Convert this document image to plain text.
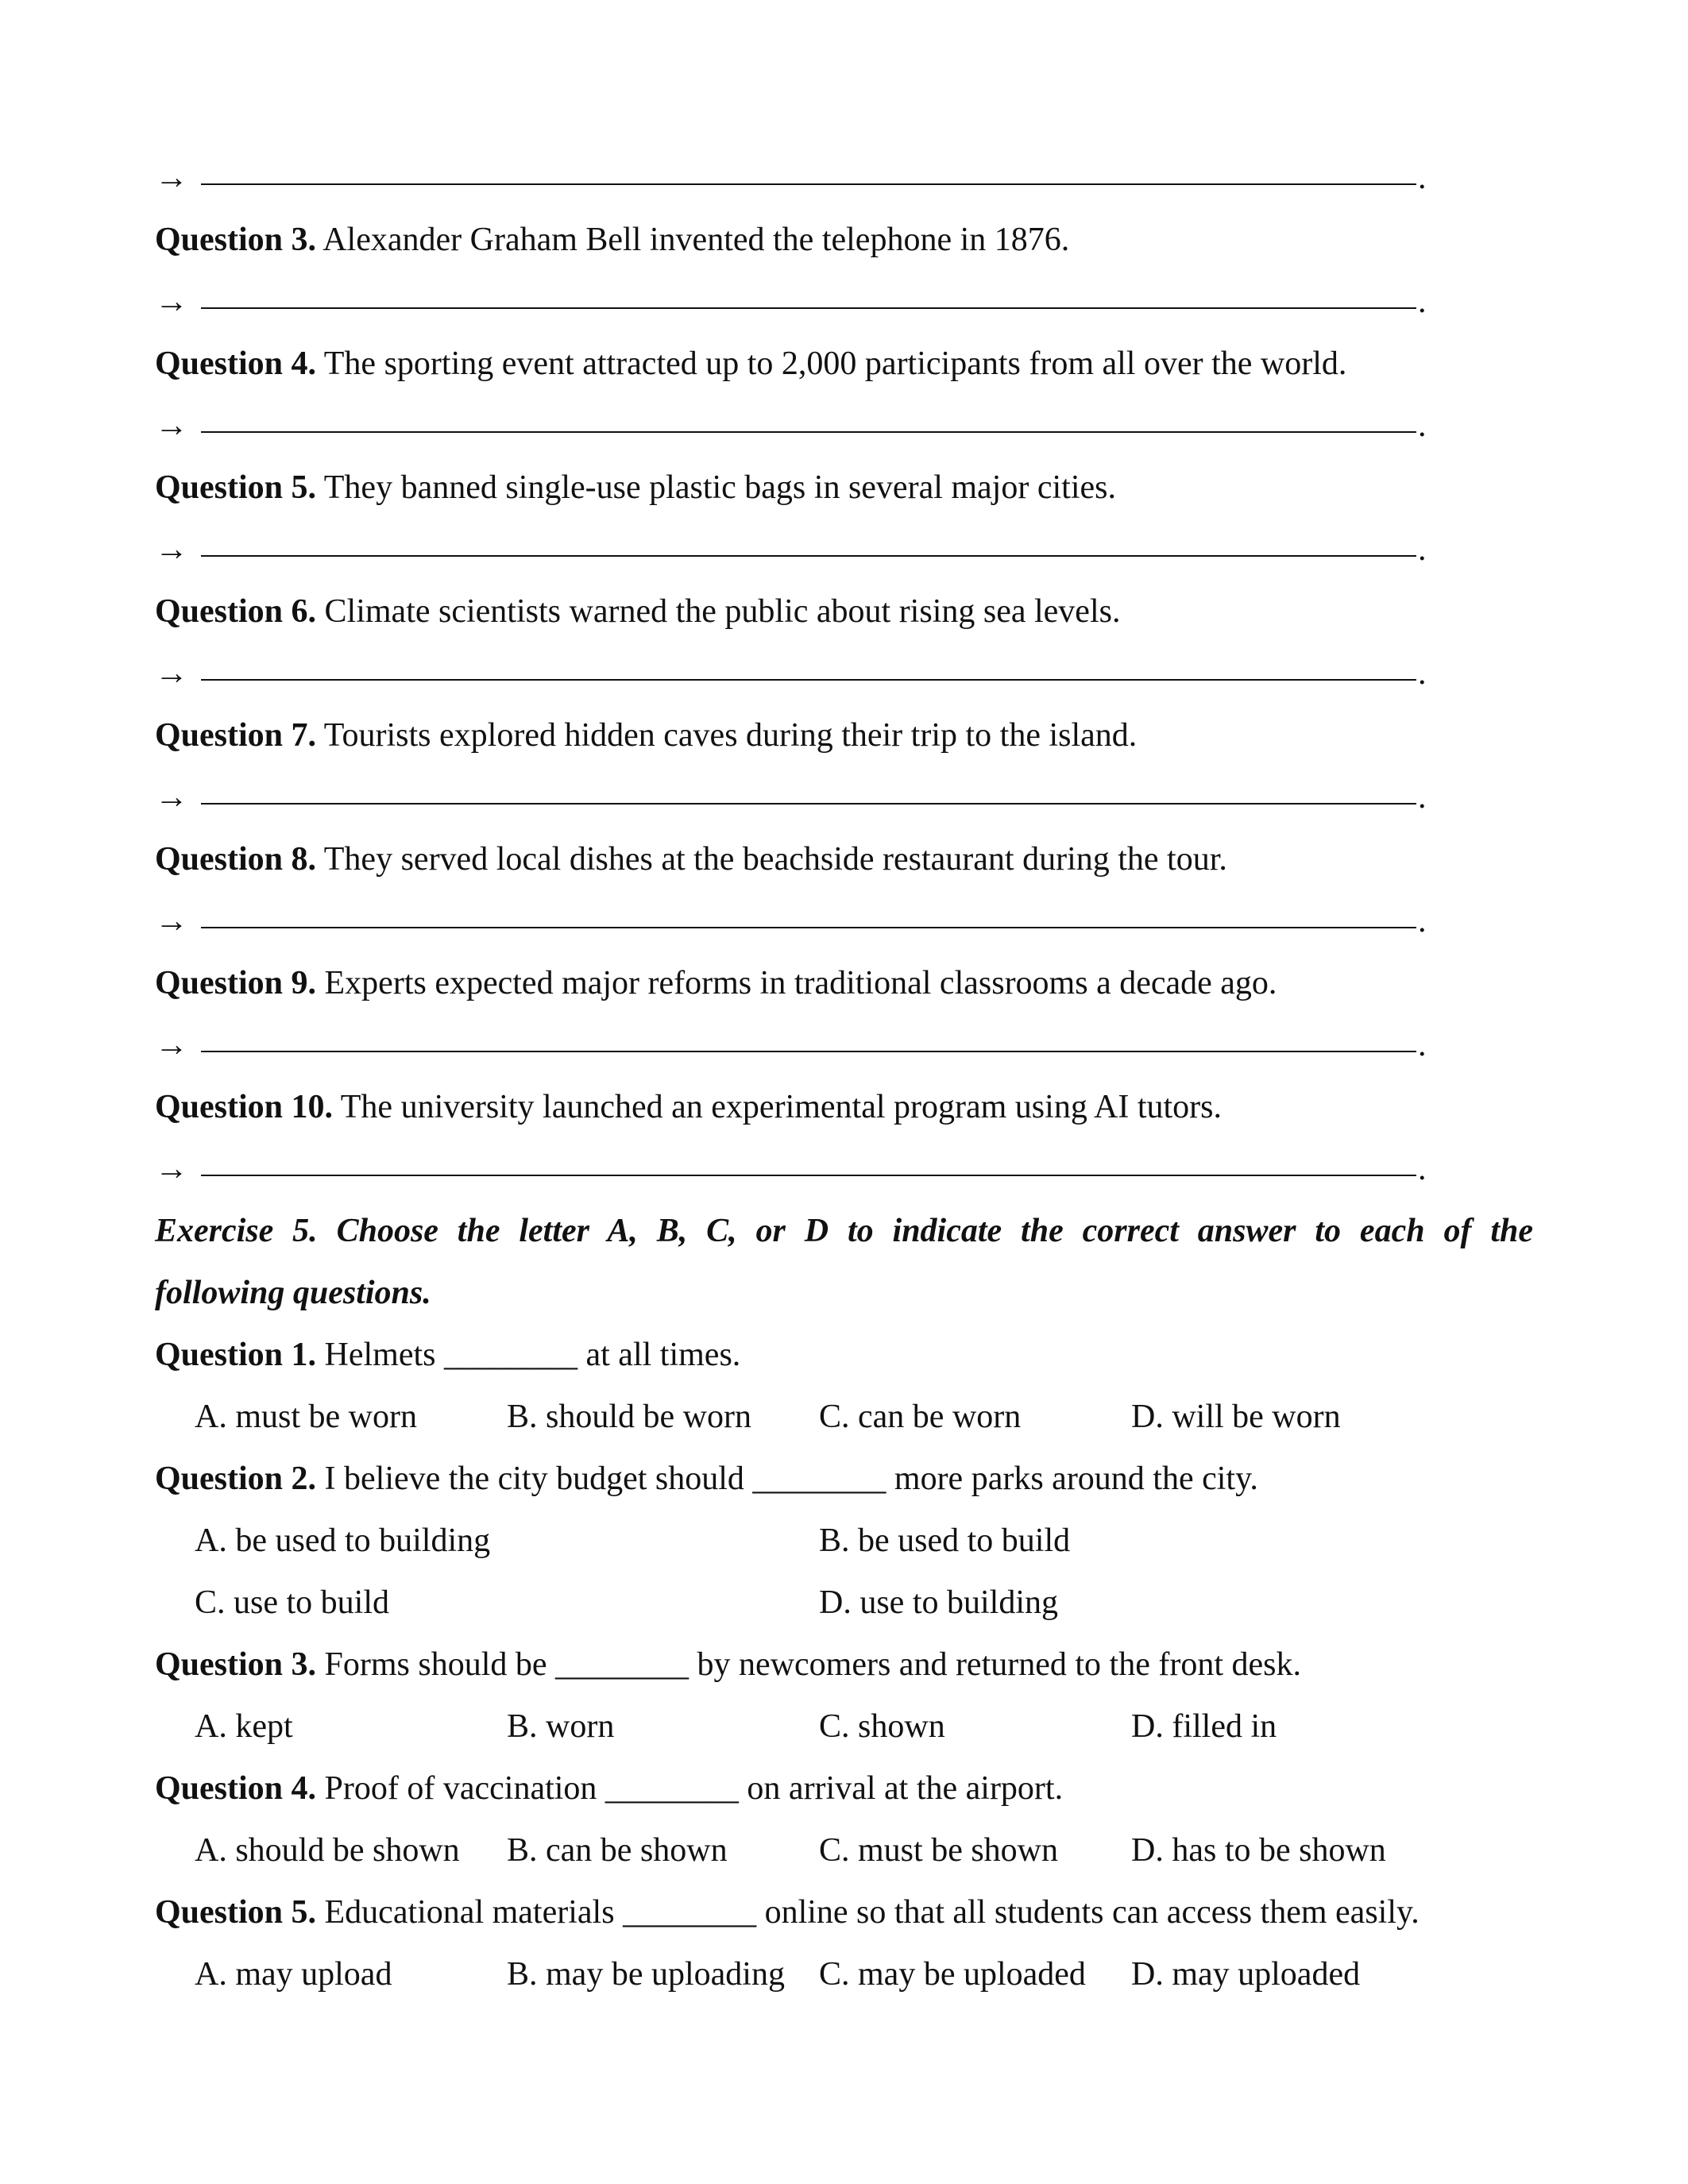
→	.
Question 3. Alexander Graham Bell invented the telephone in 1876.
→	.
Question 4. The sporting event attracted up to 2,000 participants from all over the world.
→	.
Question 5. They banned single-use plastic bags in several major cities.
→	.
Question 6. Climate scientists warned the public about rising sea levels.
→	.
Question 7. Tourists explored hidden caves during their trip to the island.
→	.
Question 8. They served local dishes at the beachside restaurant during the tour.
→	.
Question 9. Experts expected major reforms in traditional classrooms a decade ago.
→	.
Question 10. The university launched an experimental program using AI tutors.
→	.
Exercise 5. Choose the letter A, B, C, or D to indicate the correct answer to each of the
following questions.
Question 1. Helmets ________ at all times.
A. must be worn	B. should be worn	C. can be worn	D. will be worn
Question 2. I believe the city budget should ________ more parks around the city.
A. be used to building	B. be used to build
C. use to build	D. use to building
Question 3. Forms should be ________ by newcomers and returned to the front desk.
A. kept	B. worn	C. shown	D. filled in
Question 4. Proof of vaccination ________ on arrival at the airport.
A. should be shown	B. can be shown	C. must be shown	D. has to be shown
Question 5. Educational materials ________ online so that all students can access them easily.
A. may upload	B. may be uploading	C. may be uploaded	D. may uploaded
